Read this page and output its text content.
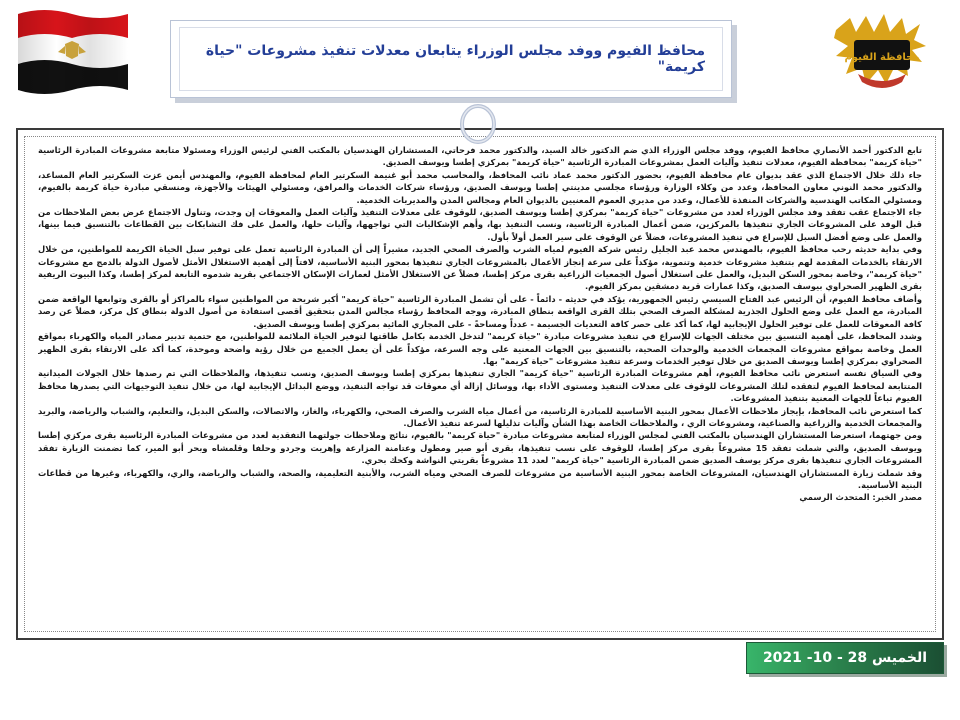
محافظة الفيوم
محافظ الفيوم ووفد مجلس الوزراء يتابعان معدلات تنفيذ مشروعات "حياة كريمة"

تابع الدكتور أحمد الأنصاري محافظ الفيوم، ووفد مجلس الوزراء الذي ضم الدكتور خالد السيد، والدكتور محمد فرحاتي، المستشاران الهندسيان بالمكتب الفني لرئيس الوزراء ومسئولا متابعة مشروعات المبادرة الرئاسية "حياة كريمة" بمحافظة الفيوم، معدلات تنفيذ وآليات العمل بمشروعات المبادرة الرئاسية "حياة كريمة" بمركزي إطسا ويوسف الصديق.

جاء ذلك خلال الاجتماع الذي عقد بديوان عام محافظة الفيوم، بحضور الدكتور محمد عماد نائب المحافظ، والمحاسب محمد أبو غنيمة السكرتير العام لمحافظة الفيوم، والمهندس أيمن عزت السكرتير العام المساعد، والدكتور محمد النوني معاون المحافظ، وعدد من وكلاء الوزارة ورؤساء مجلسي مدينتي إطسا ويوسف الصديق، ورؤساء شركات الخدمات والمرافق، ومسئولي الهيئات والأجهزة، ومنسقي مبادرة حياة كريمة بالفيوم، ومسئولي المكاتب الهندسية والشركات المنفذة للأعمال، وعدد من مديري العموم المعنيين بالديوان العام ومجالس المدن والمديريات الخدمية.

جاء الاجتماع عقب تفقد وفد مجلس الوزراء لعدد من مشروعات "حياة كريمة" بمركزي إطسا ويوسف الصديق، للوقوف على معدلات التنفيذ وآليات العمل والمعوقات إن وجدت، وتناول الاجتماع عرض بعض الملاحظات من قبل الوفد على المشروعات الجاري تنفيذها بالمركزين، ضمن أعمال المبادرة الرئاسية، ونسب التنفيذ بها، وأهم الإشكاليات التي تواجهها، وآليات حلها، والعمل على فك التشابكات بين القطاعات بالتنسيق فيما بينها، والعمل على وضع أفضل السبل للإسراع في تنفيذ المشروعات، فضلاً عن الوقوف على سير العمل أولاً بأول.

وفي بداية حديثه رحب محافظ الفيوم، بالمهندس محمد عبد الجليل رئيس شركة الفيوم لمياه الشرب والصرف الصحي الجديد، مشيراً إلى أن المبادرة الرئاسية تعمل على توفير سبل الحياة الكريمة للمواطنين، من خلال الارتقاء بالخدمات المقدمة لهم بتنفيذ مشروعات خدمية وتنموية، مؤكداً على سرعة إنجاز الأعمال بالمشروعات الجاري تنفيذها بمحور البنية الأساسية، لافتاً إلى أهمية الاستغلال الأمثل لأصول الدولة بالدمج مع مشروعات "حياة كريمة"، وخاصة بمحور السكن البديل، والعمل على استغلال أصول الجمعيات الزراعية بقرى مركز إطسا، فضلاً عن الاستغلال الأمثل لعمارات الإسكان الاجتماعي بقرية شدموه التابعة لمركز إطسا، وكذا البيوت الريفية بقرى الظهير الصحراوي بيوسف الصديق، وكذا عمارات قرية دمشقين بمركز الفيوم.

وأضاف محافظ الفيوم، أن الرئيس عبد الفتاح السيسي رئيس الجمهورية، يؤكد في حديثه - دائماً - على أن تشمل المبادرة الرئاسية "حياة كريمة" أكبر شريحة من المواطنين سواء بالمراكز أو بالقرى وتوابعها الواقعة ضمن المبادرة، مع العمل على وضع الحلول الجذرية لمشكلة الصرف الصحي بتلك القرى الواقعة بنطاق المبادرة، ووجه المحافظ رؤساء مجالس المدن بتحقيق أقصى استفادة من أصول الدولة بنطاق كل مركز، فضلاً عن رصد كافة المعوقات للعمل على توفير الحلول الإيجابية لها، كما أكد على حصر كافة التعديات الجسيمة - عدداً ومساحةً - على المجاري المائية بمركزي إطسا ويوسف الصديق.

وشدد المحافظ، على أهمية التنسيق بين مختلف الجهات للإسراع في تنفيذ مشروعات مبادرة "حياة كريمة" لتدخل الخدمة بكامل طاقتها لتوفير الحياة الملائمة للمواطنين، مع حتمية تدبير مصادر المياه والكهرباء بمواقع العمل وخاصة بمواقع مشروعات المجمعات الخدمية والوحدات الصحية، بالتنسيق بين الجهات المعنية على وجه السرعة، مؤكداً على أن يعمل الجميع من خلال رؤية واضحة وموحدة، كما أكد على الارتقاء بقرى الظهير الصحراوي بمركزي إطسا ويوسف الصديق من خلال توفير الخدمات وسرعة تنفيذ مشروعات "حياة كريمة" بها.

وفي السياق نفسه استعرض نائب محافظ الفيوم، أهم مشروعات المبادرة الرئاسية "حياة كريمة" الجاري تنفيذها بمركزي إطسا ويوسف الصديق، ونسب تنفيذها، والملاحظات التي تم رصدها خلال الجولات الميدانية المتتابعة لمحافظ الفيوم لتفقده لتلك المشروعات للوقوف على معدلات التنفيذ ومستوى الأداء بها، ووسائل إزالة أي معوقات قد تواجه التنفيذ، ووضع البدائل الإيجابية لها، من خلال تنفيذ التوجيهات التي يصدرها محافظ الفيوم تباعاً للجهات المعنية بتنفيذ المشروعات.

كما استعرض نائب المحافظ، بإيجاز ملاحظات الأعمال بمحور البنية الأساسية للمبادرة الرئاسية، من أعمال مياه الشرب والصرف الصحي، والكهرباء، والغاز، والاتصالات، والسكن البديل، والتعليم، والشباب والرياضة، والبريد والمجمعات الخدمية والزراعية والصناعية، ومشروعات الري ، والملاحظات الخاصة بهذا الشأن وآليات تذليلها لسرعة تنفيذ الأعمال.

ومن جهتهما، استعرضا المستشاران الهندسيان بالمكتب الفني لمجلس الوزراء لمتابعة مشروعات مبادرة "حياة كريمة" بالفيوم، نتائج وملاحظات جولتهما التفقدية لعدد من مشروعات المبادرة الرئاسية بقرى مركزي إطسا ويوسف الصديق، والتي شملت تفقد 15 مشروعاً بقرى مركز إطسا، للوقوف على نسب تنفيذها، بقرى أبو صير ومطول وعتامنة المزارعة وإهريت وجردو وحلفا وقلمشاه وبحر أبو المير، كما تضمنت الزيارة تفقد المشروعات الجاري تنفيذها بقرى مركز يوسف الصديق ضمن المبادرة الرئاسية "حياة كريمة" لعدد 11 مشروعاً بقريتي النواشة وكحك بحري.

وقد شملت زيارة المستشاران الهندسيان، المشروعات الخاصة بمحور البنية الأساسية من مشروعات للصرف الصحي ومياه الشرب، والأبنية التعليمية، والصحة، والشباب والرياضة، والري، والكهرباء، وغيرها من قطاعات البنية الأساسية.

مصدر الخبر: المتحدث الرسمي

الخميس 28 - 10- 2021
